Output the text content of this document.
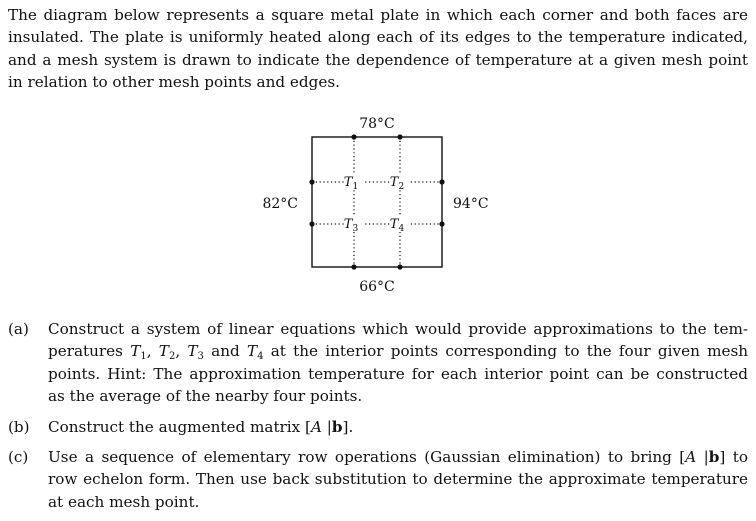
The diagram below represents a square metal plate in which each corner and both faces are
insulated. The plate is uniformly heated along each of its edges to the temperature indicated,
and a mesh system is drawn to indicate the dependence of temperature at a given mesh point
in relation to other mesh points and edges.

78°C
66°C
82°C	94°C
$T_1$ $T_2$
$T_3$ $T_4$
(a)	Construct a system of linear equations which would provide approximations to the tem-
peratures $T_1$, $T_2$, $T_3$ and $T_4$ at the interior points corresponding to the four given mesh
points. Hint: The approximation temperature for each interior point can be constructed
as the average of the nearby four points.
(b)	Construct the augmented matrix [A |b].
(c)	Use a sequence of elementary row operations (Gaussian elimination) to bring [A |b] to
row echelon form. Then use back substitution to determine the approximate temperature
at each mesh point.
